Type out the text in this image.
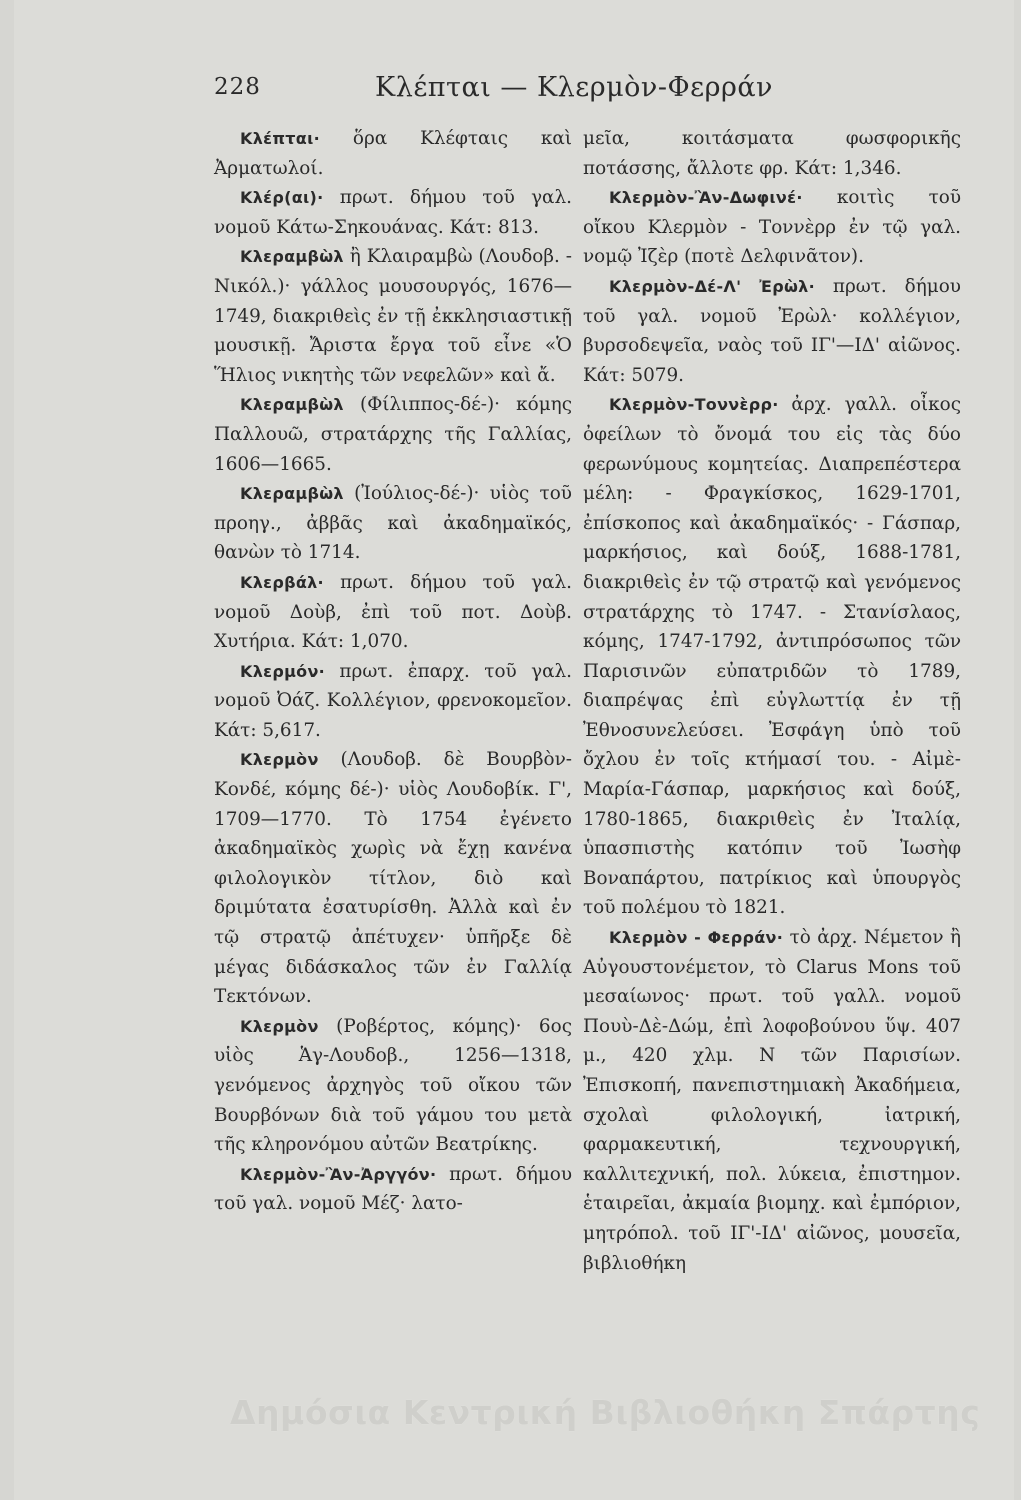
228	Κλέπται — Κλερμὸν-Φερράν

Κλέπται· ὅρα Κλέφταις καὶ Ἀρματωλοί.

Κλέρ(αι)· πρωτ. δήμου τοῦ γαλ. νομοῦ Κάτω-Σηκουάνας. Κάτ: 813.

Κλεραμβὼλ ἢ Κλαιραμβὼ (Λουδοβ. - Νικόλ.)· γάλλος μουσουργός, 1676—1749, διακριθεὶς ἐν τῇ ἐκκλησιαστικῇ μουσικῇ. Ἄριστα ἔργα τοῦ εἶνε «Ὁ Ἥλιος νικητὴς τῶν νεφελῶν» καὶ ἄ.

Κλεραμβὼλ (Φίλιππος-δέ-)· κόμης Παλλουῶ, στρατάρχης τῆς Γαλλίας, 1606—1665.

Κλεραμβὼλ (Ἰούλιος-δέ-)· υἱὸς τοῦ προηγ., ἀββᾶς καὶ ἀκαδημαϊκός, θανὼν τὸ 1714.

Κλερβάλ· πρωτ. δήμου τοῦ γαλ. νομοῦ Δοὺβ, ἐπὶ τοῦ ποτ. Δοὺβ. Χυτήρια. Κάτ: 1,070.

Κλερμόν· πρωτ. ἐπαρχ. τοῦ γαλ. νομοῦ Ὀάζ. Κολλέγιον, φρενοκομεῖον. Κάτ: 5,617.

Κλερμὸν (Λουδοβ. δὲ Βουρβὸν-Κονδέ, κόμης δέ-)· υἱὸς Λουδοβίκ. Γ', 1709—1770. Τὸ 1754 ἐγένετο ἀκαδημαϊκὸς χωρὶς νὰ ἔχῃ κανένα φιλολογικὸν τίτλον, διὸ καὶ δριμύτατα ἐσατυρίσθη. Ἀλλὰ καὶ ἐν τῷ στρατῷ ἀπέτυχεν· ὑπῆρξε δὲ μέγας διδάσκαλος τῶν ἐν Γαλλίᾳ Τεκτόνων.

Κλερμὸν (Ροβέρτος, κόμης)· 6ος υἱὸς Ἁγ-Λουδοβ., 1256—1318, γενόμενος ἀρχηγὸς τοῦ οἴκου τῶν Βουρβόνων διὰ τοῦ γάμου του μετὰ τῆς κληρονόμου αὐτῶν Βεατρίκης.

Κλερμὸν-Ἂν-Ἀργγόν· πρωτ. δήμου τοῦ γαλ. νομοῦ Μέζ· λατο-

μεῖα, κοιτάσματα φωσφορικῆς ποτάσσης, ἄλλοτε φρ. Κάτ: 1,346.

Κλερμὸν-Ἂν-Δωφινέ· κοιτὶς τοῦ οἴκου Κλερμὸν - Τοννὲρρ ἐν τῷ γαλ. νομῷ Ἰζὲρ (ποτὲ Δελφινᾶτον).

Κλερμὸν-Δέ-Λ' Ἐρὼλ· πρωτ. δήμου τοῦ γαλ. νομοῦ Ἐρὼλ· κολλέγιον, βυρσοδεψεῖα, ναὸς τοῦ ΙΓ'—ΙΔ' αἰῶνος. Κάτ: 5079.

Κλερμὸν-Τοννὲρρ· ἀρχ. γαλλ. οἶκος ὀφείλων τὸ ὄνομά του εἰς τὰς δύο φερωνύμους κομητείας. Διαπρεπέστερα μέλη: - Φραγκίσκος, 1629-1701, ἐπίσκοπος καὶ ἀκαδημαϊκός· - Γάσπαρ, μαρκήσιος, καὶ δούξ, 1688-1781, διακριθεὶς ἐν τῷ στρατῷ καὶ γενόμενος στρατάρχης τὸ 1747. - Στανίσλαος, κόμης, 1747-1792, ἀντιπρόσωπος τῶν Παρισινῶν εὐπατριδῶν τὸ 1789, διαπρέψας ἐπὶ εὐγλωττίᾳ ἐν τῇ Ἐθνοσυνελεύσει. Ἐσφάγη ὑπὸ τοῦ ὄχλου ἐν τοῖς κτήμασί του. - Αἰμὲ-Μαρία-Γάσπαρ, μαρκήσιος καὶ δούξ, 1780-1865, διακριθεὶς ἐν Ἰταλίᾳ, ὑπασπιστὴς κατόπιν τοῦ Ἰωσὴφ Βοναπάρτου, πατρίκιος καὶ ὑπουργὸς τοῦ πολέμου τὸ 1821.

Κλερμὸν - Φερράν· τὸ ἀρχ. Νέμετον ἢ Αὐγουστονέμετον, τὸ Clarus Mons τοῦ μεσαίωνος· πρωτ. τοῦ γαλλ. νομοῦ Πουὺ-Δὲ-Δώμ, ἐπὶ λοφοβούνου ὕψ. 407 μ., 420 χλμ. Ν τῶν Παρισίων. Ἐπισκοπή, πανεπιστημιακὴ Ἀκαδήμεια, σχολαὶ φιλολογική, ἰατρική, φαρμακευτική, τεχνουργική, καλλιτεχνική, πολ. λύκεια, ἐπιστημον. ἑταιρεῖαι, ἀκμαία βιομηχ. καὶ ἐμπόριον, μητρόπολ. τοῦ ΙΓ'-ΙΔ' αἰῶνος, μουσεῖα, βιβλιοθήκη

Δημόσια Κεντρική Βιβλιοθήκη Σπάρτης
